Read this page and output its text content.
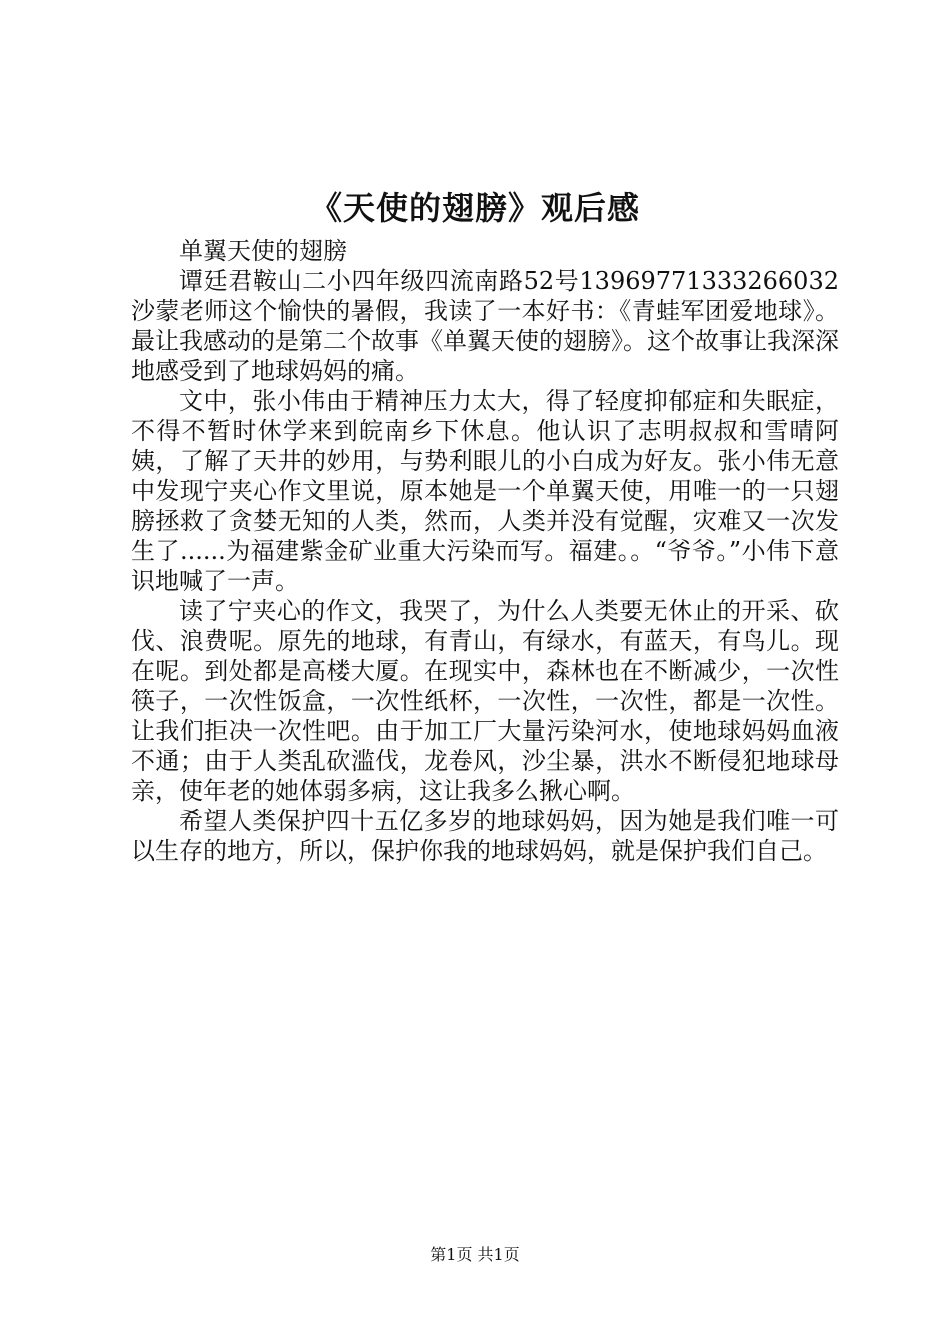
《天使的翅膀》观后感

单翼天使的翅膀

谭廷君鞍山二小四年级四流南路52号13969771333266032沙蒙老师这个愉快的暑假，我读了一本好书：《青蛙军团爱地球》。最让我感动的是第二个故事《单翼天使的翅膀》。这个故事让我深深地感受到了地球妈妈的痛。

文中，张小伟由于精神压力太大，得了轻度抑郁症和失眠症，不得不暂时休学来到皖南乡下休息。他认识了志明叔叔和雪晴阿姨，了解了天井的妙用，与势利眼儿的小白成为好友。张小伟无意中发现宁夹心作文里说，原本她是一个单翼天使，用唯一的一只翅膀拯救了贪婪无知的人类，然而，人类并没有觉醒，灾难又一次发生了......为福建紫金矿业重大污染而写。福建。。“爷爷。”小伟下意识地喊了一声。

读了宁夹心的作文，我哭了，为什么人类要无休止的开采、砍伐、浪费呢。原先的地球，有青山，有绿水，有蓝天，有鸟儿。现在呢。到处都是高楼大厦。在现实中，森林也在不断减少，一次性筷子，一次性饭盒，一次性纸杯，一次性，一次性，都是一次性。让我们拒决一次性吧。由于加工厂大量污染河水，使地球妈妈血液不通；由于人类乱砍滥伐，龙卷风，沙尘暴，洪水不断侵犯地球母亲，使年老的她体弱多病，这让我多么揪心啊。

希望人类保护四十五亿多岁的地球妈妈，因为她是我们唯一可以生存的地方，所以，保护你我的地球妈妈，就是保护我们自己。

第1页 共1页
